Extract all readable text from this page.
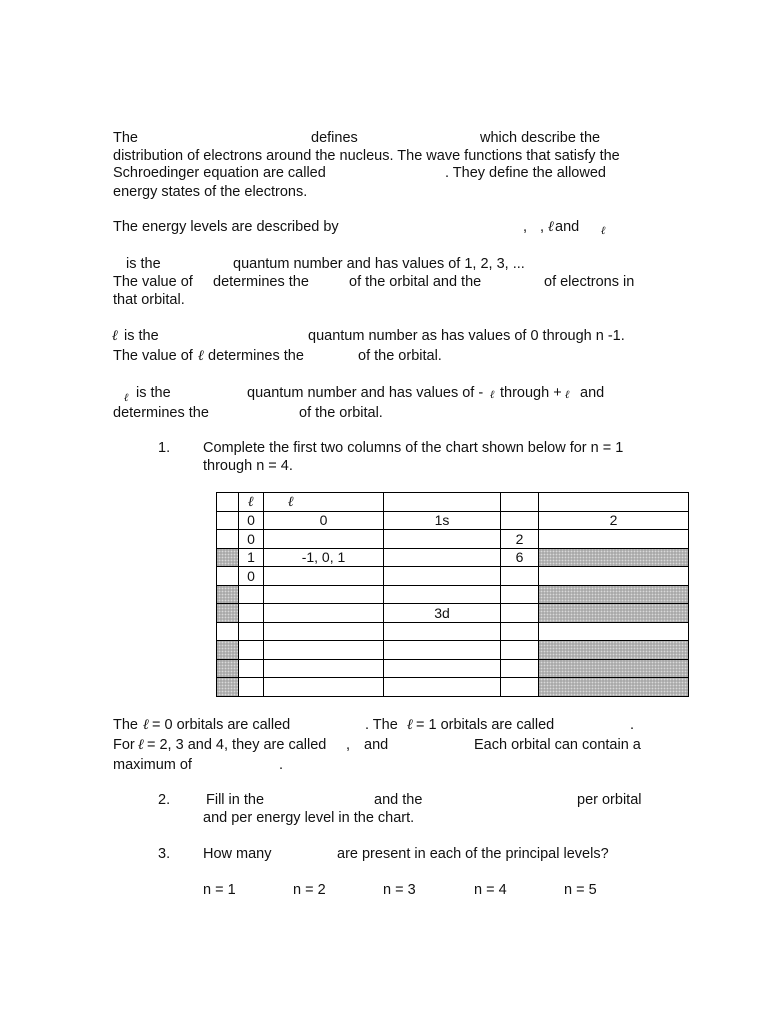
The	defines	which describe the
distribution of electrons around the nucleus. The wave functions that satisfy the
Schroedinger equation are called	. They define the allowed
energy states of the electrons.
The energy levels are described by	, , ℓ and ℓ
is the	quantum number and has values of 1, 2, 3, ...
The value of determines the	of the orbital and the	of electrons in
that orbital.
ℓ is the	quantum number as has values of 0 through n -1.
The value of ℓ determines the	of the orbital.
ℓ is the	quantum number and has values of - ℓ through + ℓ and
determines the	of the orbital.
1. Complete the first two columns of the chart shown below for n = 1
through n = 4.
	ℓ	ℓ			
	0	0	1s		2
	0			2	
	1	-1, 0, 1		6	
	0				

			3d		

The ℓ = 0 orbitals are called	. The ℓ = 1 orbitals are called	.
For ℓ = 2, 3 and 4, they are called , and	Each orbital can contain a
maximum of	.
2. Fill in the	and the	per orbital
and per energy level in the chart.
3. How many	are present in each of the principal levels?
n = 1	n = 2	n = 3	n = 4	n = 5
